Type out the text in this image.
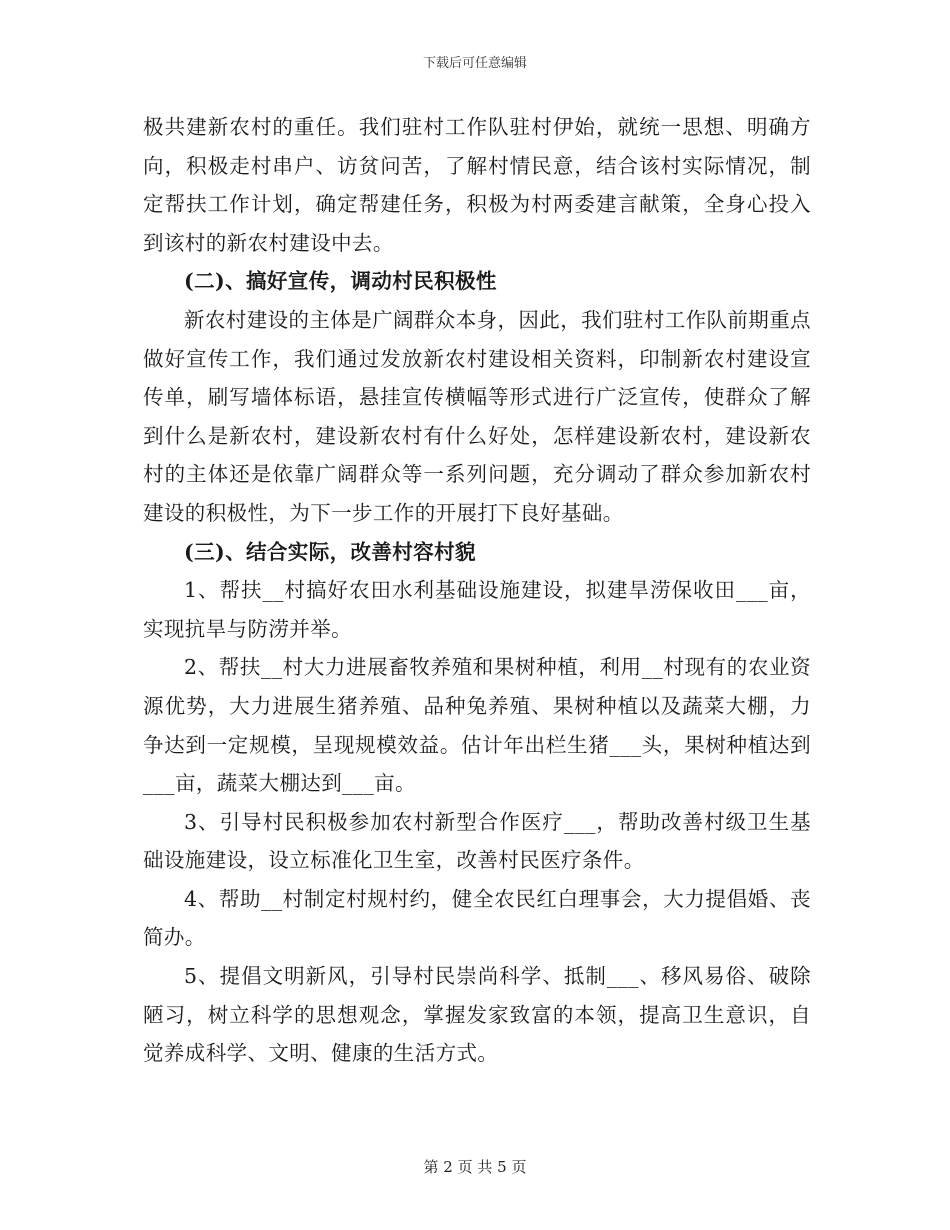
下载后可任意编辑

极共建新农村的重任。我们驻村工作队驻村伊始，就统一思想、明确方向，积极走村串户、访贫问苦，了解村情民意，结合该村实际情况，制定帮扶工作计划，确定帮建任务，积极为村两委建言献策，全身心投入到该村的新农村建设中去。

(二)、搞好宣传，调动村民积极性

新农村建设的主体是广阔群众本身，因此，我们驻村工作队前期重点做好宣传工作，我们通过发放新农村建设相关资料，印制新农村建设宣传单，刷写墙体标语，悬挂宣传横幅等形式进行广泛宣传，使群众了解到什么是新农村，建设新农村有什么好处，怎样建设新农村，建设新农村的主体还是依靠广阔群众等一系列问题，充分调动了群众参加新农村建设的积极性，为下一步工作的开展打下良好基础。

(三)、结合实际，改善村容村貌

1、帮扶__村搞好农田水利基础设施建设，拟建旱涝保收田___亩，实现抗旱与防涝并举。

2、帮扶__村大力进展畜牧养殖和果树种植，利用__村现有的农业资源优势，大力进展生猪养殖、品种兔养殖、果树种植以及蔬菜大棚，力争达到一定规模，呈现规模效益。估计年出栏生猪___头，果树种植达到___亩，蔬菜大棚达到___亩。

3、引导村民积极参加农村新型合作医疗___，帮助改善村级卫生基础设施建设，设立标准化卫生室，改善村民医疗条件。

4、帮助__村制定村规村约，健全农民红白理事会，大力提倡婚、丧简办。

5、提倡文明新风，引导村民崇尚科学、抵制___、移风易俗、破除陋习，树立科学的思想观念，掌握发家致富的本领，提高卫生意识，自觉养成科学、文明、健康的生活方式。

第 2 页 共 5 页
